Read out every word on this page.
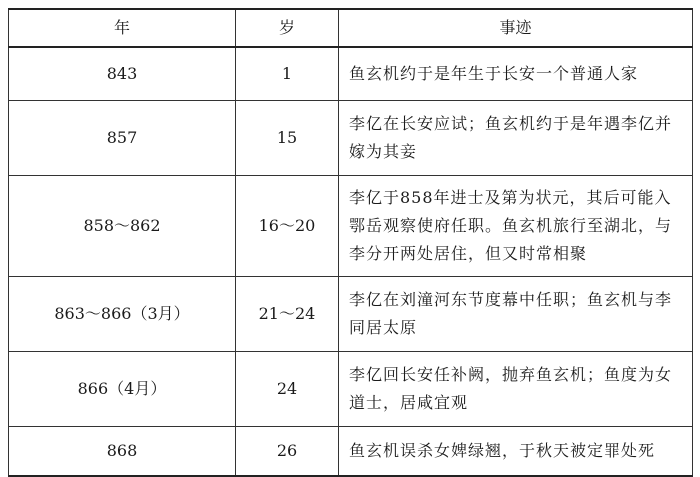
年	岁	事迹
843	1	鱼玄机约于是年生于长安一个普通人家
857	15	李亿在长安应试；鱼玄机约于是年遇李亿并嫁为其妾
858～862	16～20	李亿于858年进士及第为状元，其后可能入鄂岳观察使府任职。鱼玄机旅行至湖北，与李分开两处居住，但又时常相聚
863～866（3月）	21～24	李亿在刘潼河东节度幕中任职；鱼玄机与李同居太原
866（4月）	24	李亿回长安任补阙，抛弃鱼玄机；鱼度为女道士，居咸宜观
868	26	鱼玄机误杀女婢绿翘，于秋天被定罪处死
